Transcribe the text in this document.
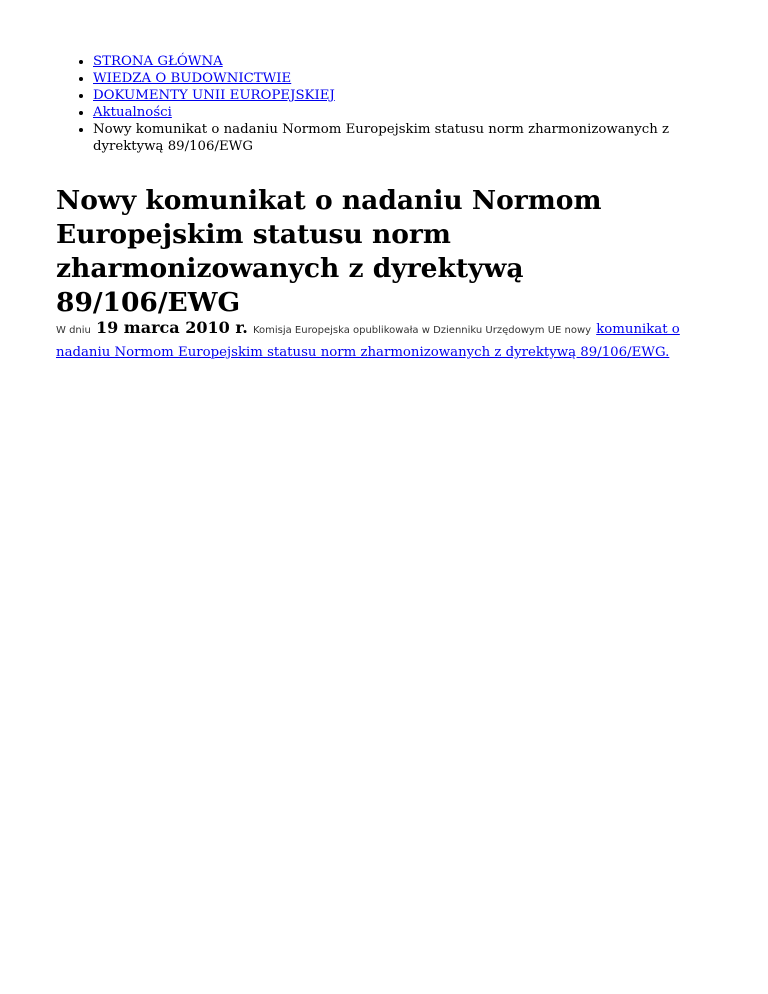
• STRONA GŁÓWNA
• WIEDZA O BUDOWNICTWIE
• DOKUMENTY UNII EUROPEJSKIEJ
• Aktualności
• Nowy komunikat o nadaniu Normom Europejskim statusu norm zharmonizowanych z dyrektywą 89/106/EWG
Nowy komunikat o nadaniu Normom Europejskim statusu norm zharmonizowanych z dyrektywą 89/106/EWG

W dniu 19 marca 2010 r. Komisja Europejska opublikowała w Dzienniku Urzędowym UE nowy komunikat o nadaniu Normom Europejskim statusu norm zharmonizowanych z dyrektywą 89/106/EWG.
